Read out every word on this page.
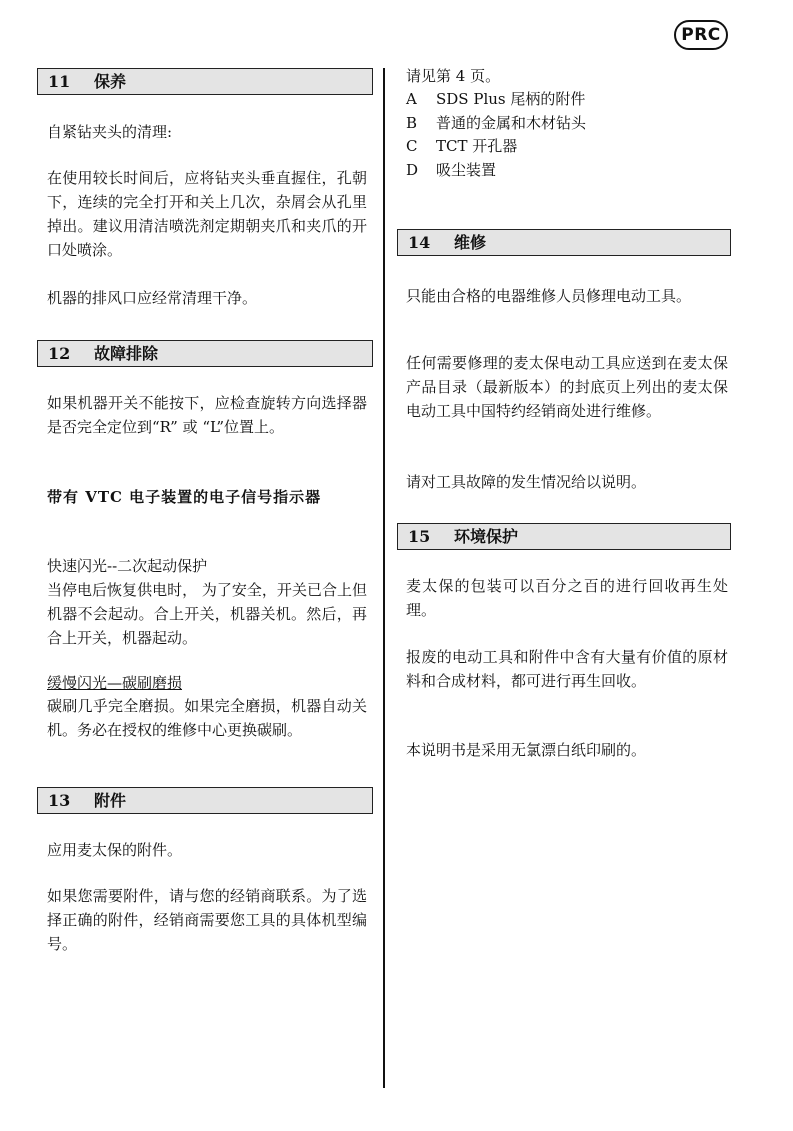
PRC
11 保养

自紧钻夹头的清理:

在使用较长时间后，应将钻夹头垂直握住，孔朝下，连续的完全打开和关上几次，杂屑会从孔里掉出。建议用清洁喷洗剂定期朝夹爪和夹爪的开口处喷涂。

机器的排风口应经常清理干净。

12 故障排除

如果机器开关不能按下，应检查旋转方向选择器是否完全定位到“R” 或 “L”位置上。

带有 VTC 电子装置的电子信号指示器

快速闪光--二次起动保护

当停电后恢复供电时， 为了安全，开关已合上但机器不会起动。合上开关，机器关机。然后，再合上开关，机器起动。

缓慢闪光—碳刷磨损

碳刷几乎完全磨损。如果完全磨损，机器自动关机。务必在授权的维修中心更换碳刷。

13 附件

应用麦太保的附件。

如果您需要附件，请与您的经销商联系。为了选择正确的附件，经销商需要您工具的具体机型编号。

请见第 4 页。

A SDS Plus 尾柄的附件
B 普通的金属和木材钻头
C TCT 开孔器
D 吸尘装置
14 维修

只能由合格的电器维修人员修理电动工具。

任何需要修理的麦太保电动工具应送到在麦太保产品目录（最新版本）的封底页上列出的麦太保电动工具中国特约经销商处进行维修。

请对工具故障的发生情况给以说明。

15 环境保护

麦太保的包装可以百分之百的进行回收再生处理。

报废的电动工具和附件中含有大量有价值的原材料和合成材料，都可进行再生回收。

本说明书是采用无氯漂白纸印刷的。
